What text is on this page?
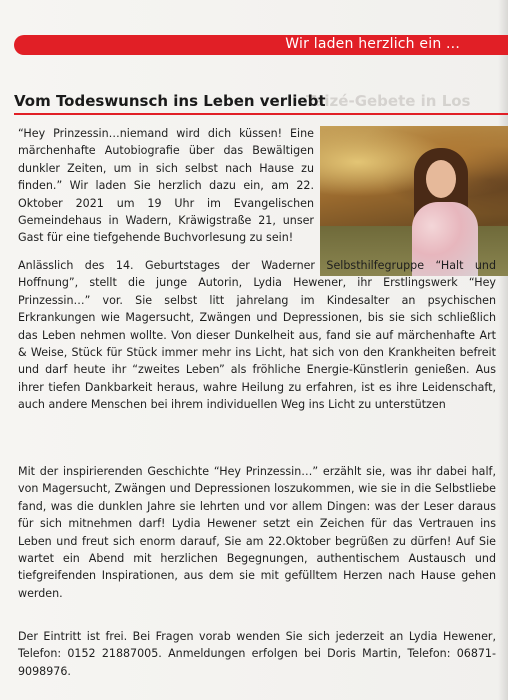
Wir laden herzlich ein ...
Taizé-Gebete in Los
Vom Todeswunsch ins Leben verliebt

“Hey Prinzessin…niemand wird dich küssen! Eine märchenhafte Autobiografie über das Bewältigen dunkler Zeiten, um in sich selbst nach Hause zu finden.” Wir laden Sie herzlich dazu ein, am 22. Oktober 2021 um 19 Uhr im Evangelischen Gemeindehaus in Wadern, Kräwigstraße 21, unser Gast für eine tiefgehende Buchvorlesung zu sein!

Anlässlich des 14. Geburtstages der Waderner Selbsthilfegruppe “Halt und Hoffnung”, stellt die junge Autorin, Lydia Hewener, ihr Erstlingswerk “Hey Prinzessin…” vor. Sie selbst litt jahrelang im Kindesalter an psychischen Erkrankungen wie Magersucht, Zwängen und Depressionen, bis sie sich schließlich das Leben nehmen wollte. Von dieser Dunkelheit aus, fand sie auf märchenhafte Art & Weise, Stück für Stück immer mehr ins Licht, hat sich von den Krankheiten befreit und darf heute ihr “zweites Leben” als fröhliche Energie-Künstlerin genießen. Aus ihrer tiefen Dankbarkeit heraus, wahre Heilung zu erfahren, ist es ihre Leidenschaft, auch andere Menschen bei ihrem individuellen Weg ins Licht zu unterstützen

Mit der inspirierenden Geschichte “Hey Prinzessin…” erzählt sie, was ihr dabei half, von Magersucht, Zwängen und Depressionen loszukommen, wie sie in die Selbstliebe fand, was die dunklen Jahre sie lehrten und vor allem Dingen: was der Leser daraus für sich mitnehmen darf! Lydia Hewener setzt ein Zeichen für das Vertrauen ins Leben und freut sich enorm darauf, Sie am 22.Oktober begrüßen zu dürfen! Auf Sie wartet ein Abend mit herzlichen Begegnungen, authentischem Austausch und tiefgreifenden Inspirationen, aus dem sie mit gefülltem Herzen nach Hause gehen werden.

Der Eintritt ist frei. Bei Fragen vorab wenden Sie sich jederzeit an Lydia Hewener, Telefon: 0152 21887005. Anmeldungen erfolgen bei Doris Martin, Telefon: 06871-9098976.
